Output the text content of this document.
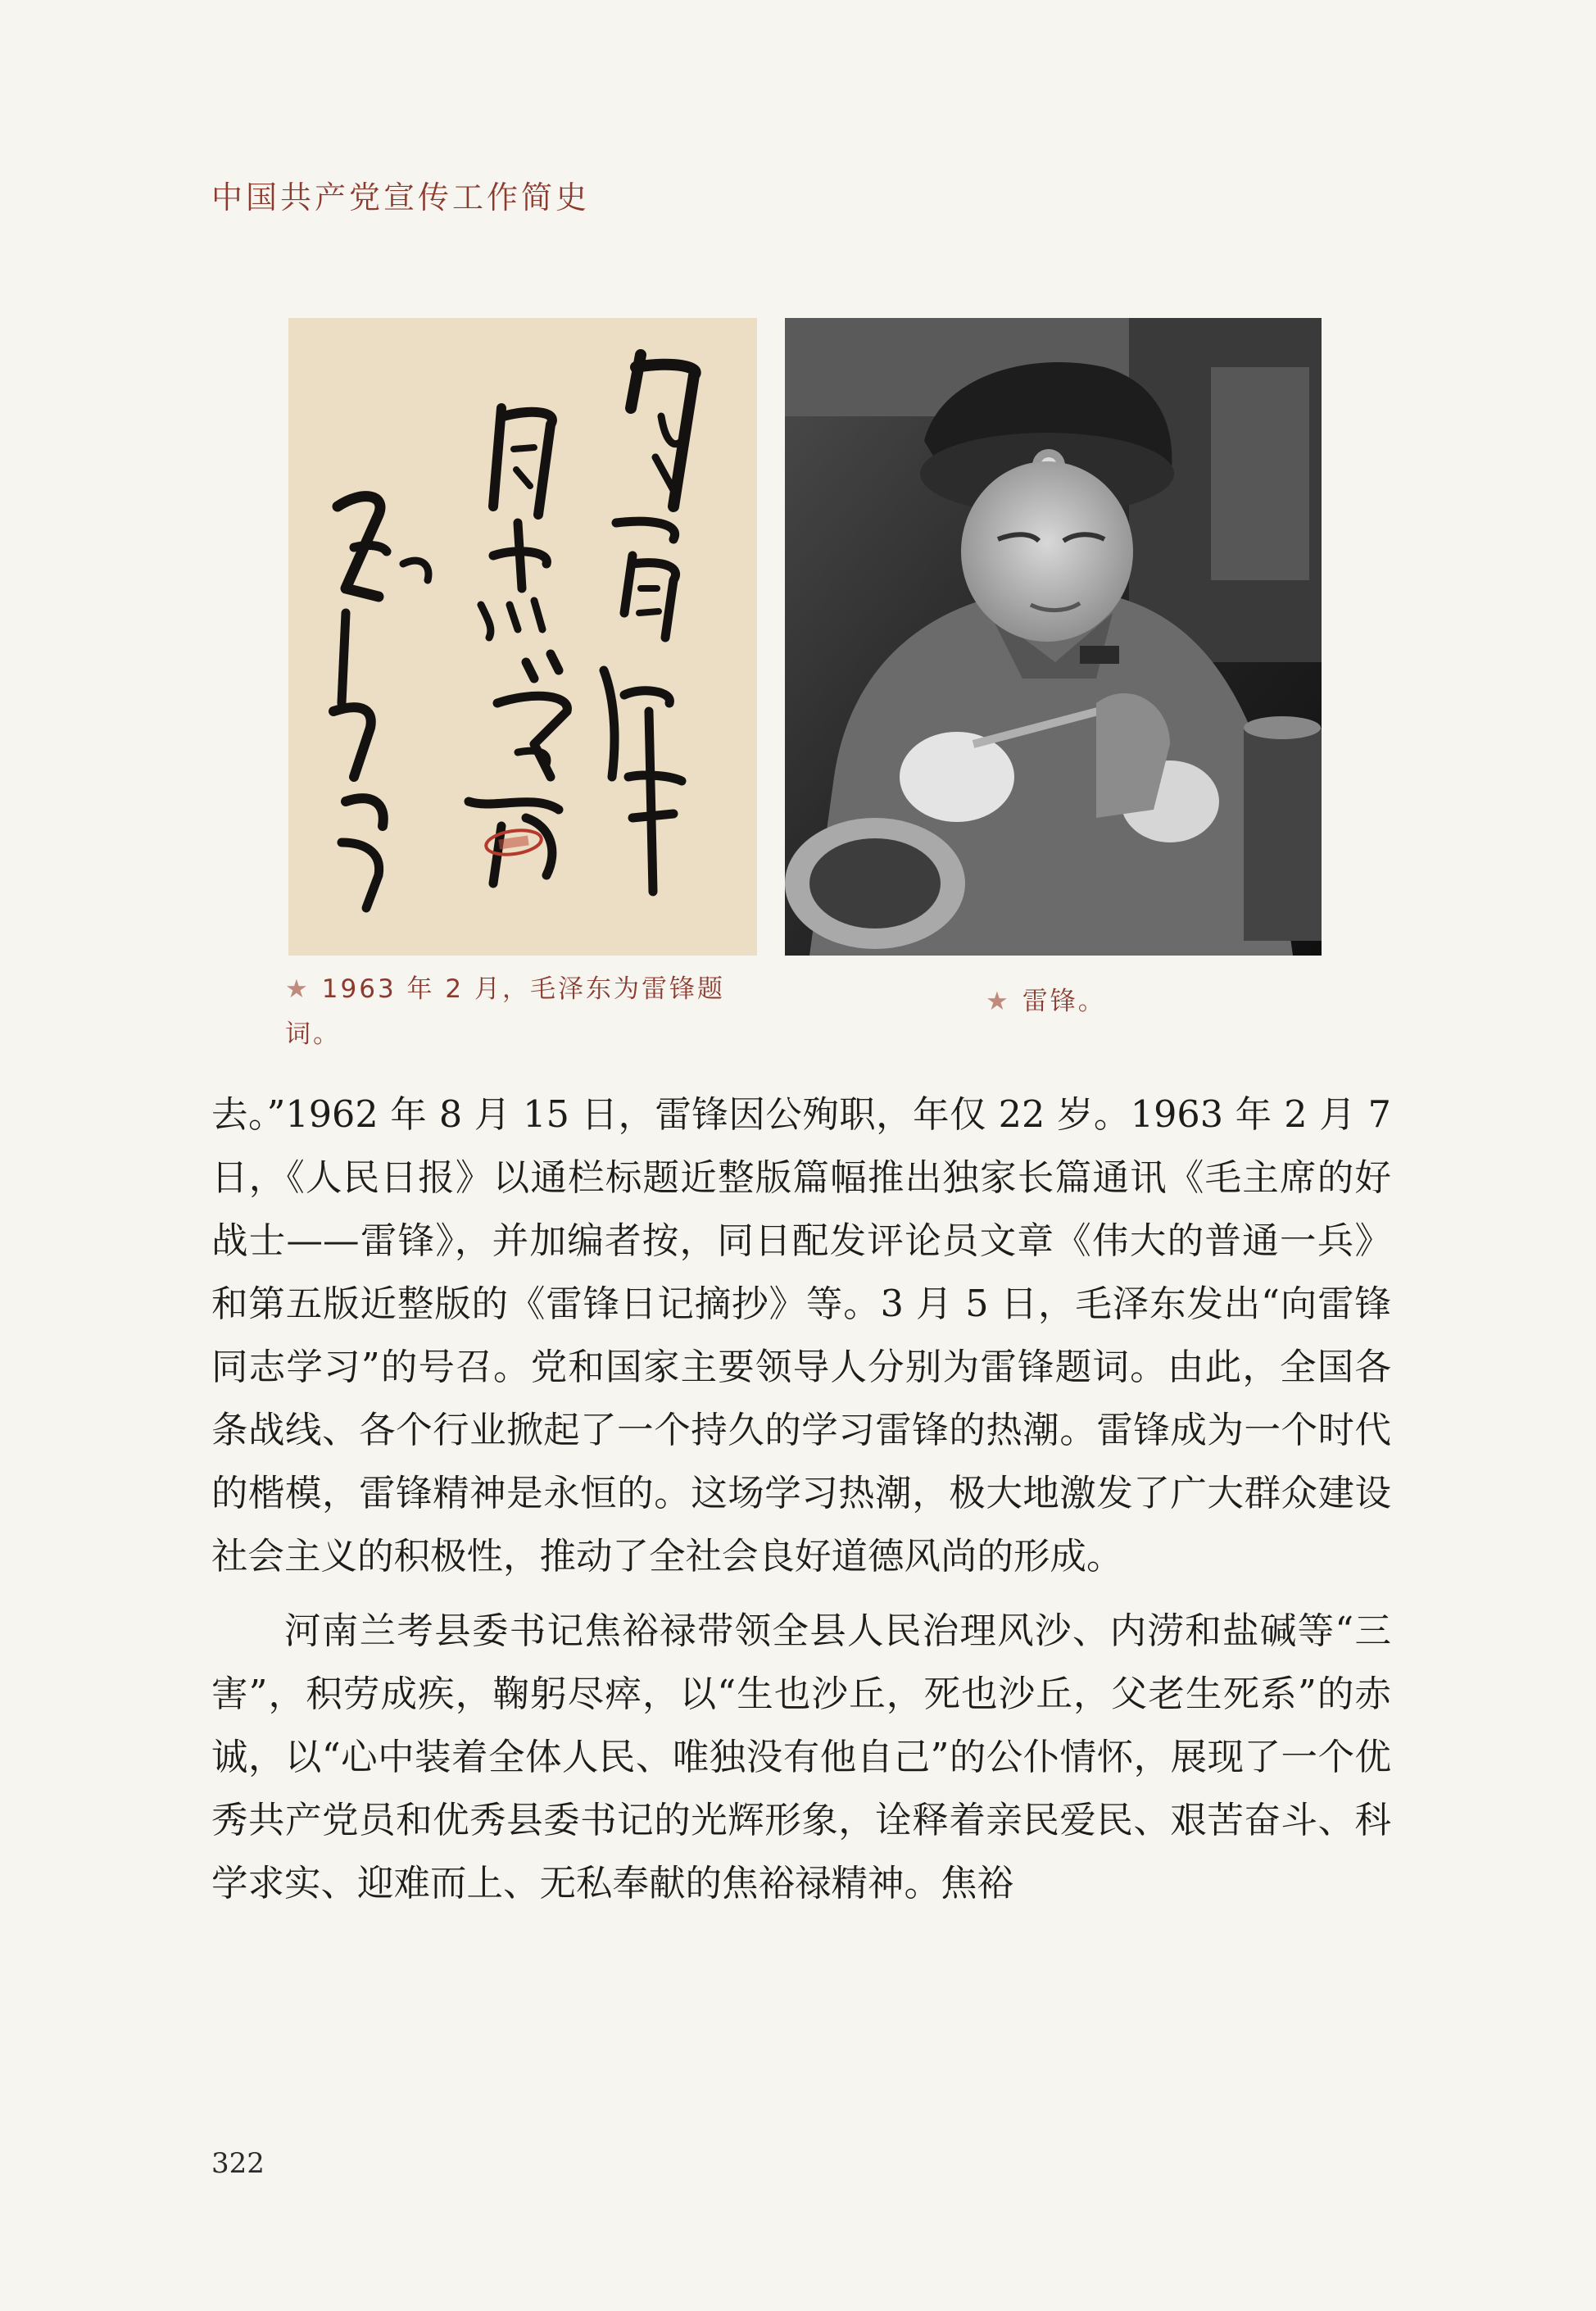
中国共产党宣传工作简史
★ 1963 年 2 月，毛泽东为雷锋题词。
★ 雷锋。

去。”1962 年 8 月 15 日，雷锋因公殉职，年仅 22 岁。1963 年 2 月 7 日，《人民日报》以通栏标题近整版篇幅推出独家长篇通讯《毛主席的好战士——雷锋》，并加编者按，同日配发评论员文章《伟大的普通一兵》和第五版近整版的《雷锋日记摘抄》等。3 月 5 日，毛泽东发出“向雷锋同志学习”的号召。党和国家主要领导人分别为雷锋题词。由此，全国各条战线、各个行业掀起了一个持久的学习雷锋的热潮。雷锋成为一个时代的楷模，雷锋精神是永恒的。这场学习热潮，极大地激发了广大群众建设社会主义的积极性，推动了全社会良好道德风尚的形成。

河南兰考县委书记焦裕禄带领全县人民治理风沙、内涝和盐碱等“三害”，积劳成疾，鞠躬尽瘁，以“生也沙丘，死也沙丘，父老生死系”的赤诚，以“心中装着全体人民、唯独没有他自己”的公仆情怀，展现了一个优秀共产党员和优秀县委书记的光辉形象，诠释着亲民爱民、艰苦奋斗、科学求实、迎难而上、无私奉献的焦裕禄精神。焦裕

322
